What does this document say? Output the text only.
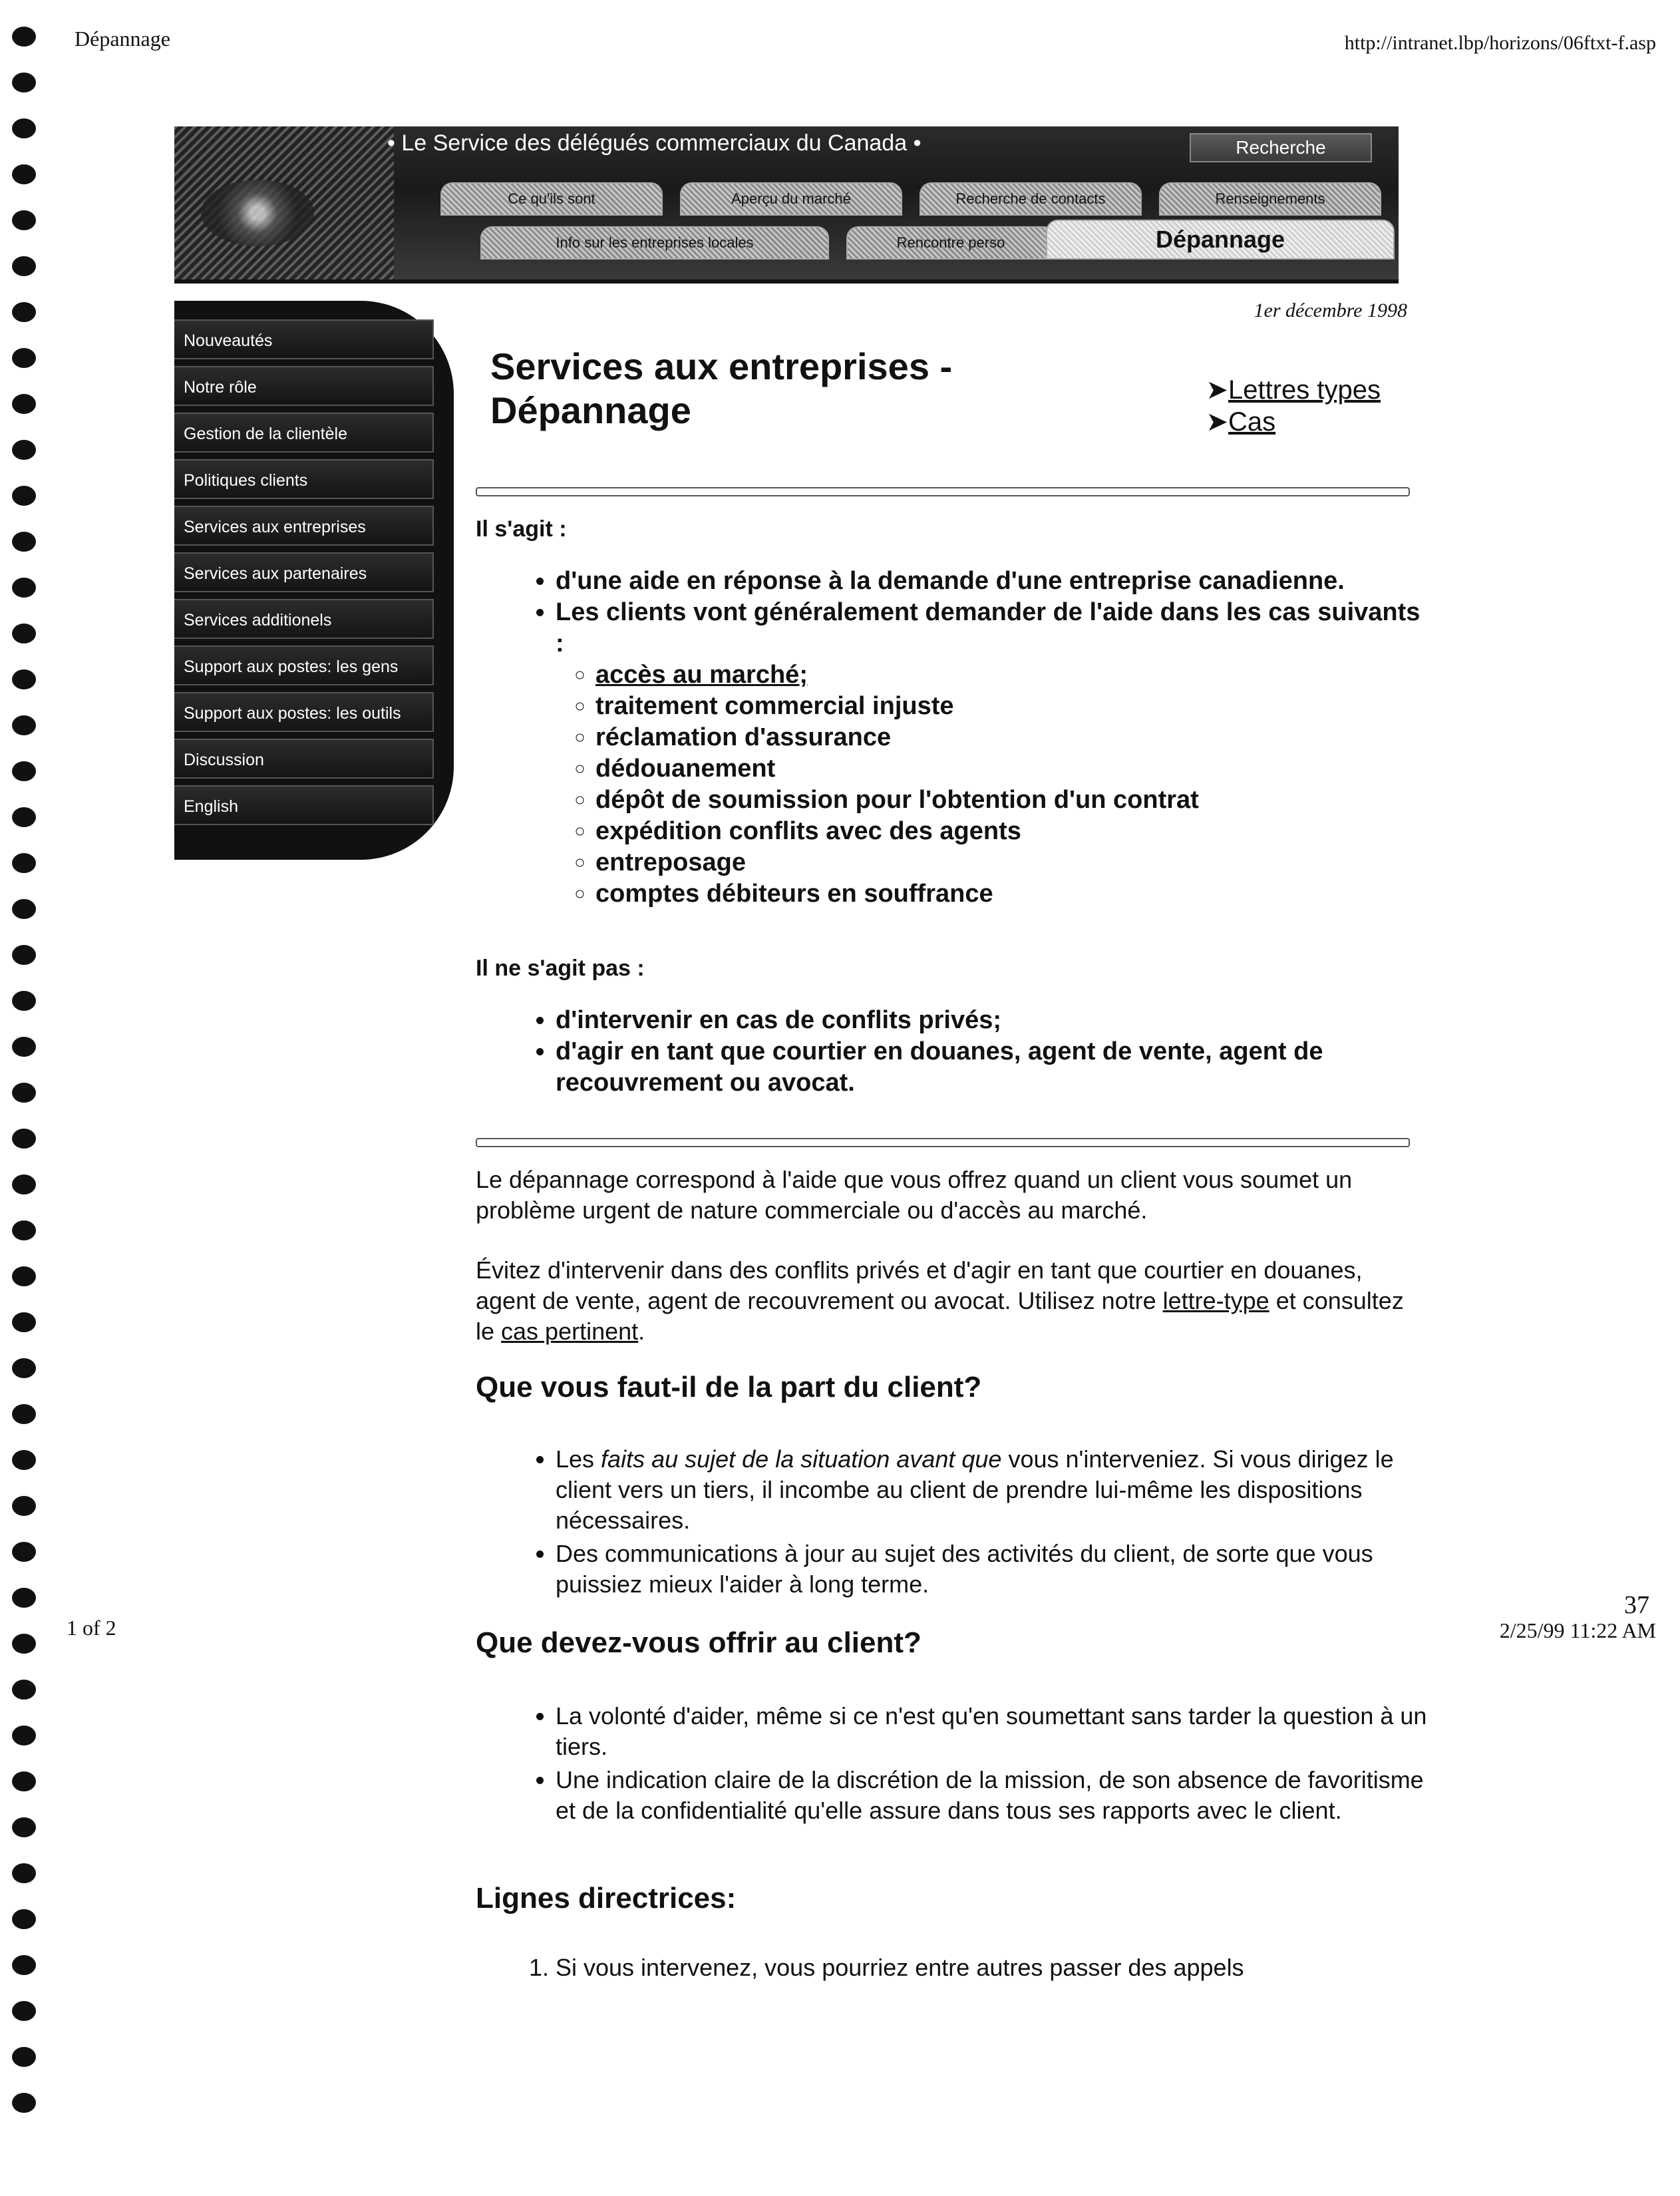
Dépannage	http://intranet.lbp/horizons/06ftxt-f.asp
1 of 2
37
2/25/99 11:22 AM
• Le Service des délégués commerciaux du Canada •	Recherche
Ce qu'ils sont	Aperçu du marché	Recherche de contacts	Renseignements
Info sur les entreprises locales	Rencontre perso	Dépannage
Nouveautés
Notre rôle
Gestion de la clientèle
Politiques clients
Services aux entreprises
Services aux partenaires
Services additionels
Support aux postes: les gens
Support aux postes: les outils
Discussion
English
1er décembre 1998
Services aux entreprises -
Dépannage	➤Lettres types
➤Cas
Il s'agit :
• d'une aide en réponse à la demande d'une entreprise canadienne.
• Les clients vont généralement demander de l'aide dans les cas suivants :
◦ accès au marché;
◦ traitement commercial injuste
◦ réclamation d'assurance
◦ dédouanement
◦ dépôt de soumission pour l'obtention d'un contrat
◦ expédition conflits avec des agents
◦ entreposage
◦ comptes débiteurs en souffrance
Il ne s'agit pas :
• d'intervenir en cas de conflits privés;
• d'agir en tant que courtier en douanes, agent de vente, agent de recouvrement ou avocat.

Le dépannage correspond à l'aide que vous offrez quand un client vous soumet un problème urgent de nature commerciale ou d'accès au marché.

Évitez d'intervenir dans des conflits privés et d'agir en tant que courtier en douanes, agent de vente, agent de recouvrement ou avocat. Utilisez notre lettre-type et consultez le cas pertinent.

Que vous faut-il de la part du client?
• Les faits au sujet de la situation avant que vous n'interveniez. Si vous dirigez le client vers un tiers, il incombe au client de prendre lui-même les dispositions nécessaires.
• Des communications à jour au sujet des activités du client, de sorte que vous puissiez mieux l'aider à long terme.
Que devez-vous offrir au client?
• La volonté d'aider, même si ce n'est qu'en soumettant sans tarder la question à un tiers.
• Une indication claire de la discrétion de la mission, de son absence de favoritisme et de la confidentialité qu'elle assure dans tous ses rapports avec le client.
Lignes directrices:
1. Si vous intervenez, vous pourriez entre autres passer des appels
